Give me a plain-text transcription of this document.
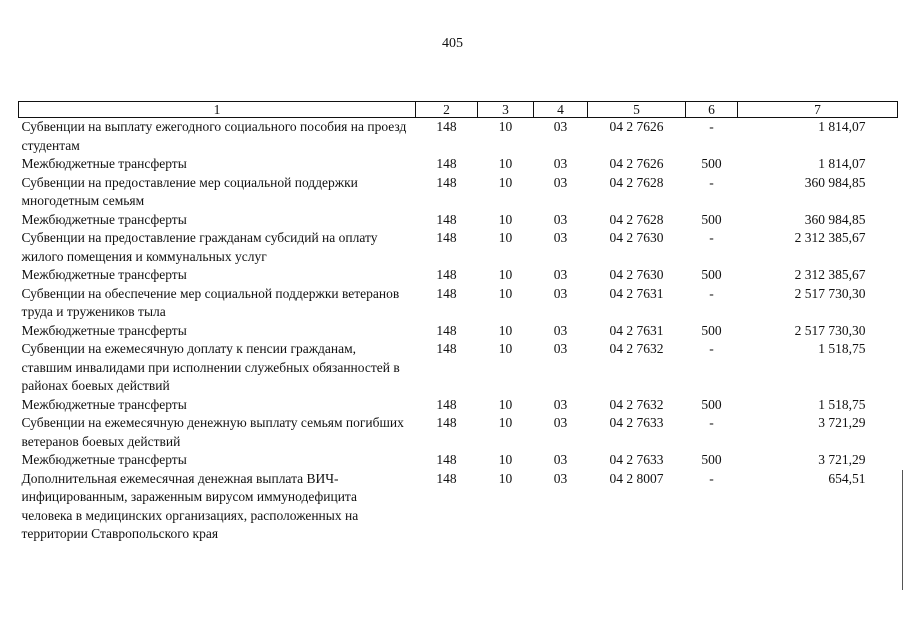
405
1	2	3	4	5	6	7
Субвенции на выплату ежегодного социального пособия на проезд студентам	148	10	03	04 2 7626	-	1 814,07
Межбюджетные трансферты	148	10	03	04 2 7626	500	1 814,07
Субвенции на предоставление мер социальной поддержки многодетным семьям	148	10	03	04 2 7628	-	360 984,85
Межбюджетные трансферты	148	10	03	04 2 7628	500	360 984,85
Субвенции на предоставление гражданам субсидий на оплату жилого помещения и коммунальных услуг	148	10	03	04 2 7630	-	2 312 385,67
Межбюджетные трансферты	148	10	03	04 2 7630	500	2 312 385,67
Субвенции на обеспечение мер социальной поддержки ветеранов труда и тружеников тыла	148	10	03	04 2 7631	-	2 517 730,30
Межбюджетные трансферты	148	10	03	04 2 7631	500	2 517 730,30
Субвенции на ежемесячную доплату к пенсии гражданам, ставшим инвалидами при исполнении служебных обязанностей в районах боевых действий	148	10	03	04 2 7632	-	1 518,75
Межбюджетные трансферты	148	10	03	04 2 7632	500	1 518,75
Субвенции на ежемесячную денежную выплату семьям погибших ветеранов боевых действий	148	10	03	04 2 7633	-	3 721,29
Межбюджетные трансферты	148	10	03	04 2 7633	500	3 721,29
Дополнительная ежемесячная денежная выплата ВИЧ-инфицированным, зараженным вирусом иммунодефицита человека в медицинских организациях, расположенных на территории Ставропольского края	148	10	03	04 2 8007	-	654,51
